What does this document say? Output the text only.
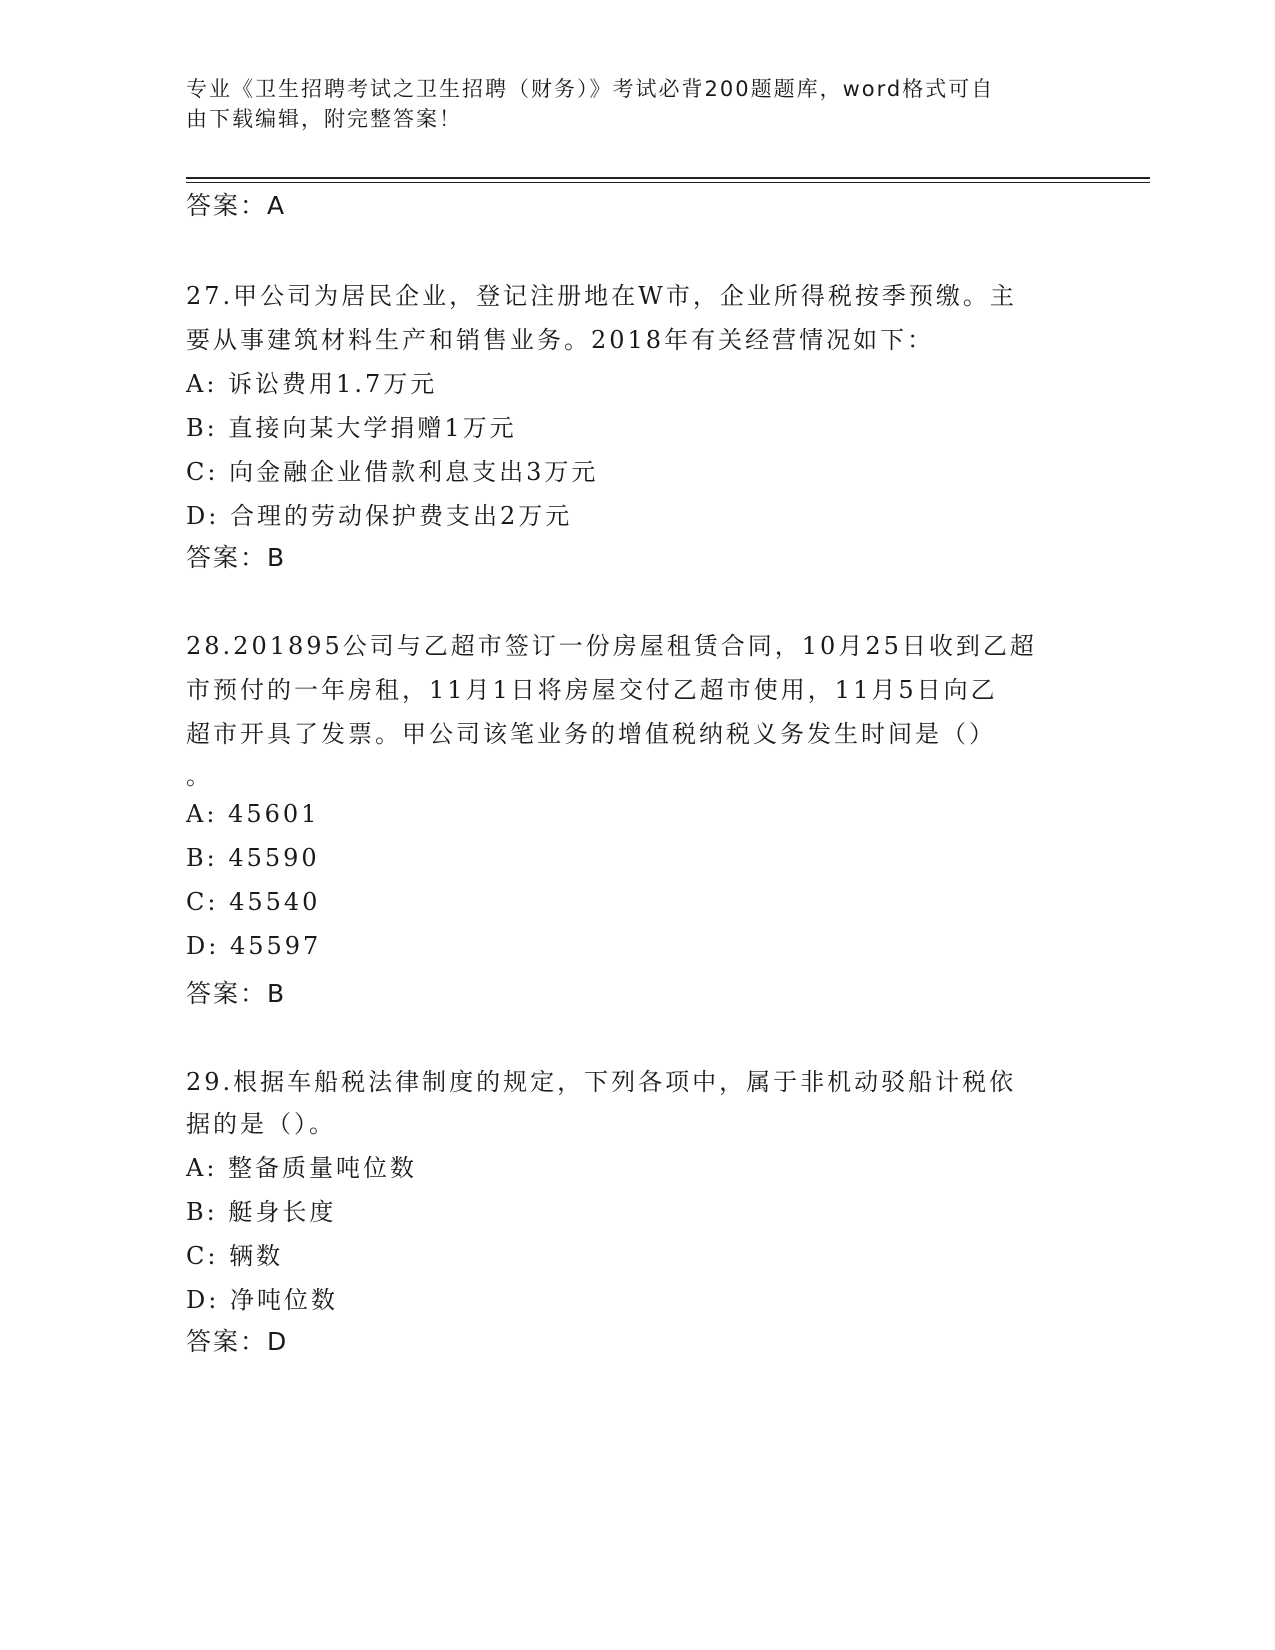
专业《卫生招聘考试之卫生招聘（财务）》考试必背200题题库，word格式可自
由下载编辑，附完整答案！
答案：A
27.甲公司为居民企业，登记注册地在W市，企业所得税按季预缴。主
要从事建筑材料生产和销售业务。2018年有关经营情况如下：
A: 诉讼费用1.7万元
B: 直接向某大学捐赠1万元
C: 向金融企业借款利息支出3万元
D: 合理的劳动保护费支出2万元
答案：B
28.201895公司与乙超市签订一份房屋租赁合同，10月25日收到乙超
市预付的一年房租，11月1日将房屋交付乙超市使用，11月5日向乙
超市开具了发票。甲公司该笔业务的增值税纳税义务发生时间是（）
。
A: 45601
B: 45590
C: 45540
D: 45597
答案：B
29.根据车船税法律制度的规定，下列各项中，属于非机动驳船计税依
据的是（）。
A: 整备质量吨位数
B: 艇身长度
C: 辆数
D: 净吨位数
答案：D
